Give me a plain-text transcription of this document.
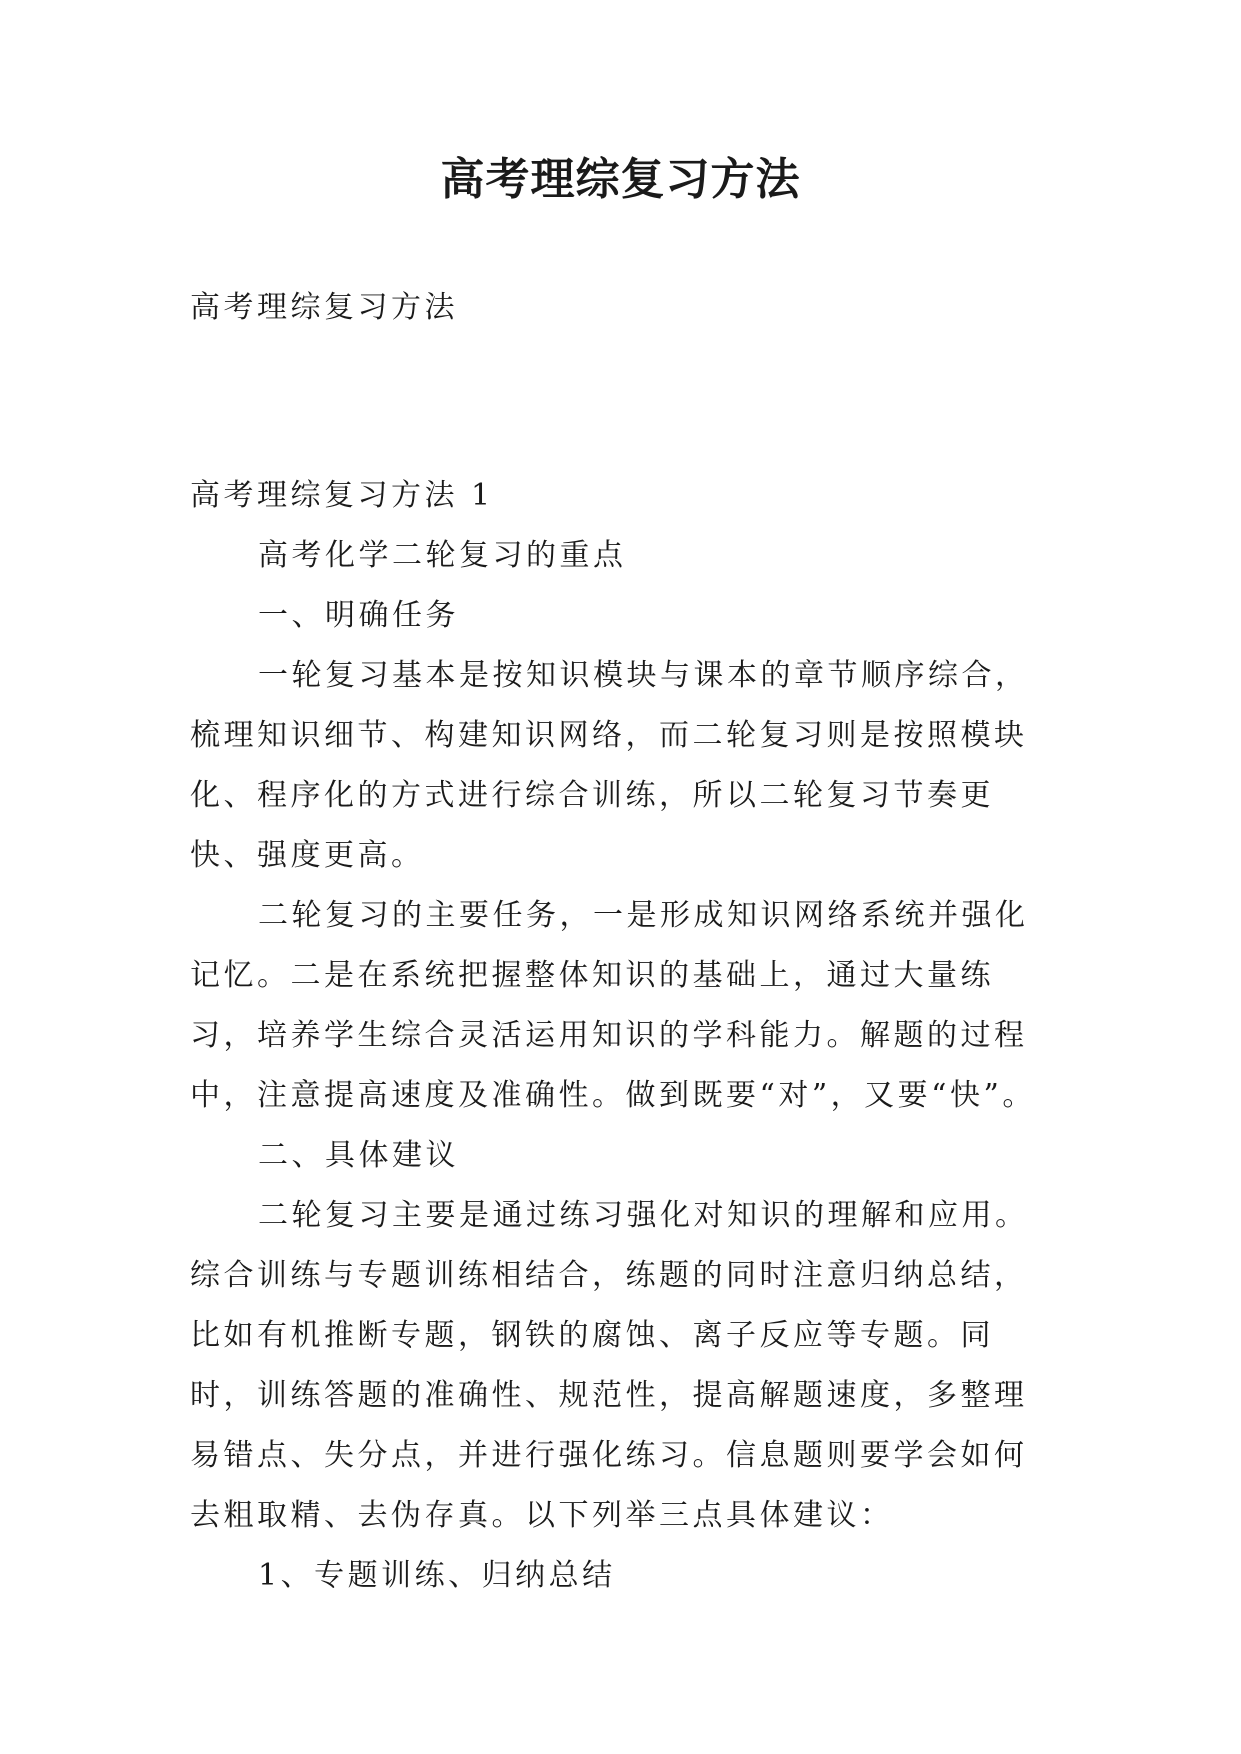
高考理综复习方法

高考理综复习方法

高考理综复习方法 1

高考化学二轮复习的重点

一、明确任务

一轮复习基本是按知识模块与课本的章节顺序综合，梳理知识细节、构建知识网络，而二轮复习则是按照模块化、程序化的方式进行综合训练，所以二轮复习节奏更快、强度更高。

二轮复习的主要任务，一是形成知识网络系统并强化记忆。二是在系统把握整体知识的基础上，通过大量练习，培养学生综合灵活运用知识的学科能力。解题的过程中，注意提高速度及准确性。做到既要“对”，又要“快”。

二、具体建议

二轮复习主要是通过练习强化对知识的理解和应用。综合训练与专题训练相结合，练题的同时注意归纳总结，比如有机推断专题，钢铁的腐蚀、离子反应等专题。同时，训练答题的准确性、规范性，提高解题速度，多整理易错点、失分点，并进行强化练习。信息题则要学会如何去粗取精、去伪存真。以下列举三点具体建议：

1、专题训练、归纳总结
